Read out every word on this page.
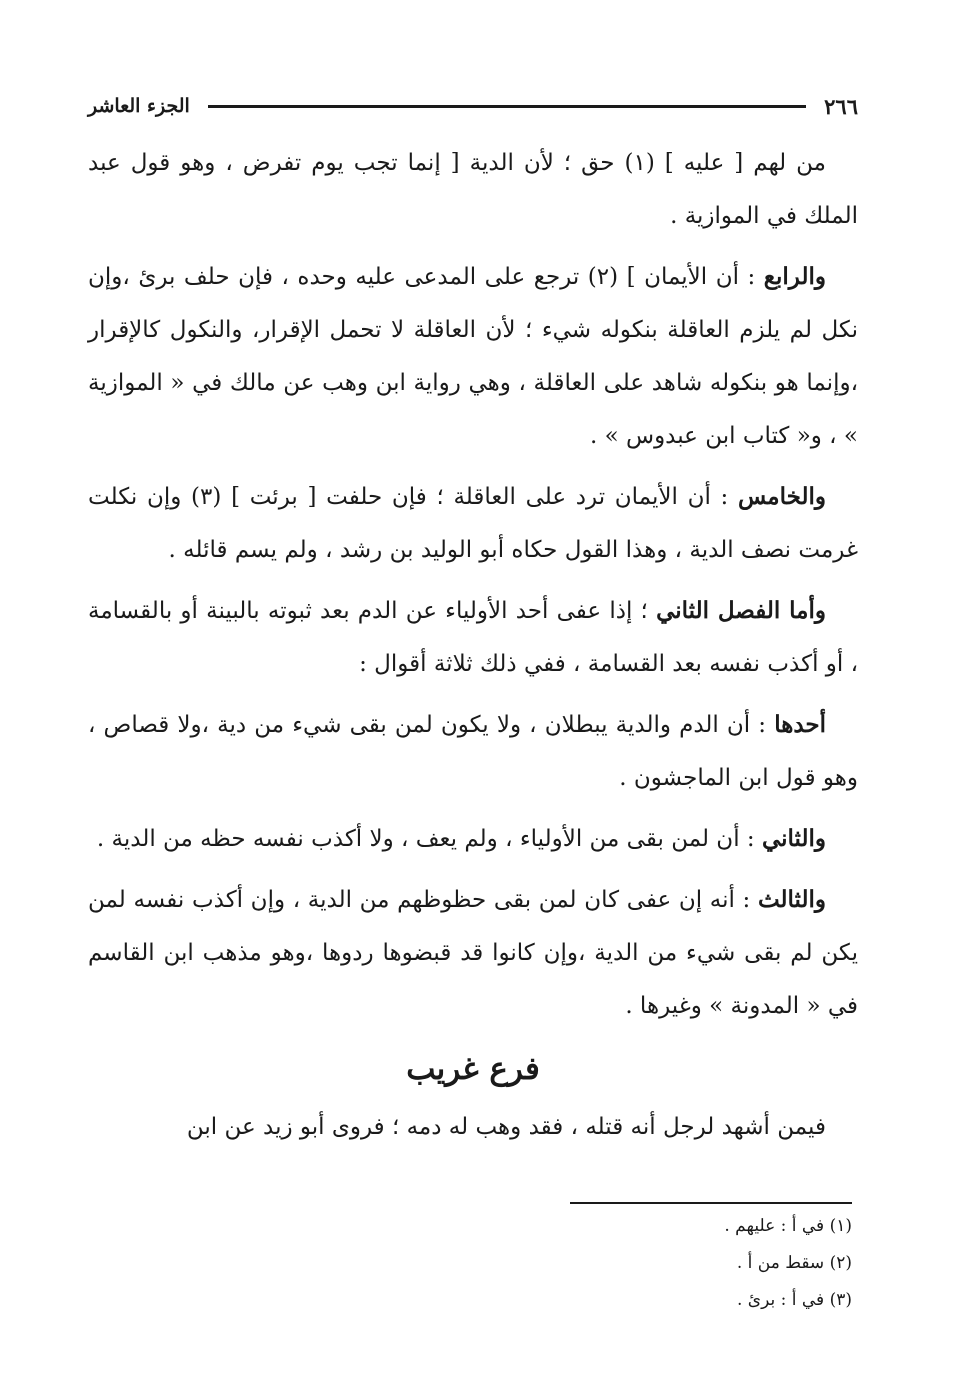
٢٦٦
الجزء العاشر

من لهم [ عليه ] (١) حق ؛ لأن الدية [ إنما تجب يوم تفرض ، وهو قول عبد الملك في الموازية .

والرابع : أن الأيمان ] (٢) ترجع على المدعى عليه وحده ، فإن حلف برئ ،وإن نكل لم يلزم العاقلة بنكوله شيء ؛ لأن العاقلة لا تحمل الإقرار، والنكول كالإقرار ،وإنما هو بنكوله شاهد على العاقلة ، وهي رواية ابن وهب عن مالك في « الموازية » ، و« كتاب ابن عبدوس » .

والخامس : أن الأيمان ترد على العاقلة ؛ فإن حلفت [ برئت ] (٣) وإن نكلت غرمت نصف الدية ، وهذا القول حكاه أبو الوليد بن رشد ، ولم يسم قائله .

وأما الفصل الثاني ؛ إذا عفى أحد الأولياء عن الدم بعد ثبوته بالبينة أو بالقسامة ، أو أكذب نفسه بعد القسامة ، ففي ذلك ثلاثة أقوال :

أحدها : أن الدم والدية يبطلان ، ولا يكون لمن بقى شيء من دية ،ولا قصاص ، وهو قول ابن الماجشون .

والثاني : أن لمن بقى من الأولياء ، ولم يعف ، ولا أكذب نفسه حظه من الدية .

والثالث : أنه إن عفى كان لمن بقى حظوظهم من الدية ، وإن أكذب نفسه لمن يكن لم بقى شيء من الدية ،وإن كانوا قد قبضوها ردوها ،وهو مذهب ابن القاسم في « المدونة » وغيرها .

فرع غريب

فيمن أشهد لرجل أنه قتله ، فقد وهب له دمه ؛ فروى أبو زيد عن ابن

(١) في أ : عليهم .
(٢) سقط من أ .
(٣) في أ : برئ .
